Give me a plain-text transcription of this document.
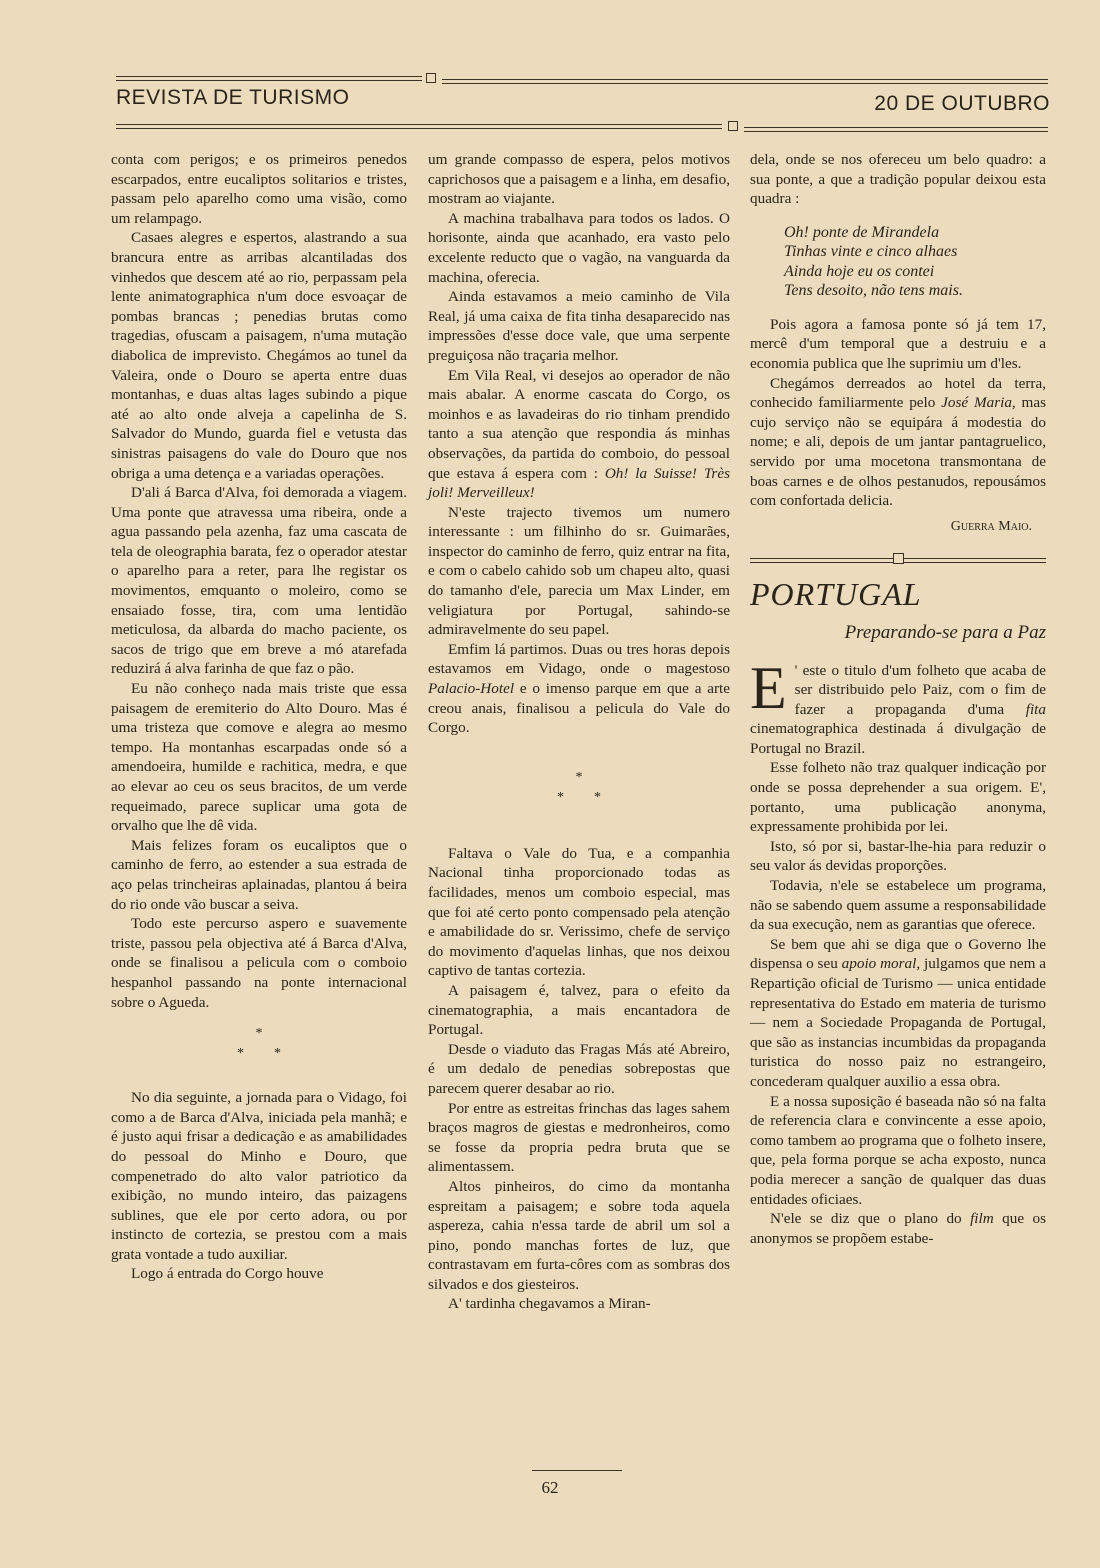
REVISTA DE TURISMO	20 DE OUTUBRO

conta com perigos; e os primeiros penedos escarpados, entre eucaliptos solitarios e tristes, passam pelo aparelho como uma visão, como um relampago.

Casaes alegres e espertos, alastrando a sua brancura entre as arribas alcantiladas dos vinhedos que descem até ao rio, perpassam pela lente animatographica n'um doce esvoaçar de pombas brancas ; penedias brutas como tragedias, ofuscam a paisagem, n'uma mutação diabolica de imprevisto. Chegámos ao tunel da Valeira, onde o Douro se aperta entre duas montanhas, e duas altas lages subindo a pique até ao alto onde alveja a capelinha de S. Salvador do Mundo, guarda fiel e vetusta das sinistras paisagens do vale do Douro que nos obriga a uma detença e a variadas operações.

D'ali á Barca d'Alva, foi demorada a viagem. Uma ponte que atravessa uma ribeira, onde a agua passando pela azenha, faz uma cascata de tela de oleographia barata, fez o operador atestar o aparelho para a reter, para lhe registar os movimentos, emquanto o moleiro, como se ensaiado fosse, tira, com uma lentidão meticulosa, da albarda do macho paciente, os sacos de trigo que em breve a mó atarefada reduzirá á alva farinha de que faz o pão.

Eu não conheço nada mais triste que essa paisagem de eremiterio do Alto Douro. Mas é uma tristeza que comove e alegra ao mesmo tempo. Ha montanhas escarpadas onde só a amendoeira, humilde e rachitica, medra, e que ao elevar ao ceu os seus bracitos, de um verde requeimado, parece suplicar uma gota de orvalho que lhe dê vida.

Mais felizes foram os eucaliptos que o caminho de ferro, ao estender a sua estrada de aço pelas trincheiras aplainadas, plantou á beira do rio onde vão buscar a seiva.

Todo este percurso aspero e suavemente triste, passou pela objectiva até á Barca d'Alva, onde se finalisou a pelicula com o comboio hespanhol passando na ponte internacional sobre o Agueda.

*
**

No dia seguinte, a jornada para o Vidago, foi como a de Barca d'Alva, iniciada pela manhã; e é justo aqui frisar a dedicação e as amabilidades do pessoal do Minho e Douro, que compenetrado do alto valor patriotico da exibição, no mundo inteiro, das paizagens sublines, que ele por certo adora, ou por instincto de cortezia, se prestou com a mais grata vontade a tudo auxiliar.

Logo á entrada do Corgo houve

um grande compasso de espera, pelos motivos caprichosos que a paisagem e a linha, em desafio, mostram ao viajante.

A machina trabalhava para todos os lados. O horisonte, ainda que acanhado, era vasto pelo excelente reducto que o vagão, na vanguarda da machina, oferecia.

Ainda estavamos a meio caminho de Vila Real, já uma caixa de fita tinha desaparecido nas impressões d'esse doce vale, que uma serpente preguiçosa não traçaria melhor.

Em Vila Real, vi desejos ao operador de não mais abalar. A enorme cascata do Corgo, os moinhos e as lavadeiras do rio tinham prendido tanto a sua atenção que respondia ás minhas observações, da partida do comboio, do pessoal que estava á espera com : Oh! la Suisse! Très joli! Merveilleux!

N'este trajecto tivemos um numero interessante : um filhinho do sr. Guimarães, inspector do caminho de ferro, quiz entrar na fita, e com o cabelo cahido sob um chapeu alto, quasi do tamanho d'ele, parecia um Max Linder, em veligiatura por Portugal, sahindo-se admiravelmente do seu papel.

Emfim lá partimos. Duas ou tres horas depois estavamos em Vidago, onde o magestoso Palacio-Hotel e o imenso parque em que a arte creou anais, finalisou a pelicula do Vale do Corgo.

*
**

Faltava o Vale do Tua, e a companhia Nacional tinha proporcionado todas as facilidades, menos um comboio especial, mas que foi até certo ponto compensado pela atenção e amabilidade do sr. Verissimo, chefe de serviço do movimento d'aquelas linhas, que nos deixou captivo de tantas cortezia.

A paisagem é, talvez, para o efeito da cinematographia, a mais encantadora de Portugal.

Desde o viaduto das Fragas Más até Abreiro, é um dedalo de penedias sobrepostas que parecem querer desabar ao rio.

Por entre as estreitas frinchas das lages sahem braços magros de giestas e medronheiros, como se fosse da propria pedra bruta que se alimentassem.

Altos pinheiros, do cimo da montanha espreitam a paisagem; e sobre toda aquela aspereza, cahia n'essa tarde de abril um sol a pino, pondo manchas fortes de luz, que contrastavam em furta-côres com as sombras dos silvados e dos giesteiros.

A' tardinha chegavamos a Miran-

dela, onde se nos ofereceu um belo quadro: a sua ponte, a que a tradição popular deixou esta quadra :

Oh! ponte de Mirandela
Tinhas vinte e cinco alhaes
Ainda hoje eu os contei
Tens desoito, não tens mais.

Pois agora a famosa ponte só já tem 17, mercê d'um temporal que a destruiu e a economia publica que lhe suprimiu um d'les.

Chegámos derreados ao hotel da terra, conhecido familiarmente pelo José Maria, mas cujo serviço não se equipára á modestia do nome; e ali, depois de um jantar pantagruelico, servido por uma mocetona transmontana de boas carnes e de olhos pestanudos, repousámos com confortada delicia.

Guerra Maio.
PORTUGAL
Preparando-se para a Paz

E ' este o titulo d'um folheto que acaba de ser distribuido pelo Paiz, com o fim de fazer a propaganda d'uma fita cinematographica destinada á divulgação de Portugal no Brazil.

Esse folheto não traz qualquer indicação por onde se possa deprehender a sua origem. E', portanto, uma publicação anonyma, expressamente prohibida por lei.

Isto, só por si, bastar-lhe-hia para reduzir o seu valor ás devidas proporções.

Todavia, n'ele se estabelece um programa, não se sabendo quem assume a responsabilidade da sua execução, nem as garantias que oferece.

Se bem que ahi se diga que o Governo lhe dispensa o seu apoio moral, julgamos que nem a Repartição oficial de Turismo — unica entidade representativa do Estado em materia de turismo — nem a Sociedade Propaganda de Portugal, que são as instancias incumbidas da propaganda turistica do nosso paiz no estrangeiro, concederam qualquer auxilio a essa obra.

E a nossa suposição é baseada não só na falta de referencia clara e convincente a esse apoio, como tambem ao programa que o folheto insere, que, pela forma porque se acha exposto, nunca podia merecer a sanção de qualquer das duas entidades oficiaes.

N'ele se diz que o plano do film que os anonymos se propõem estabe-

62
